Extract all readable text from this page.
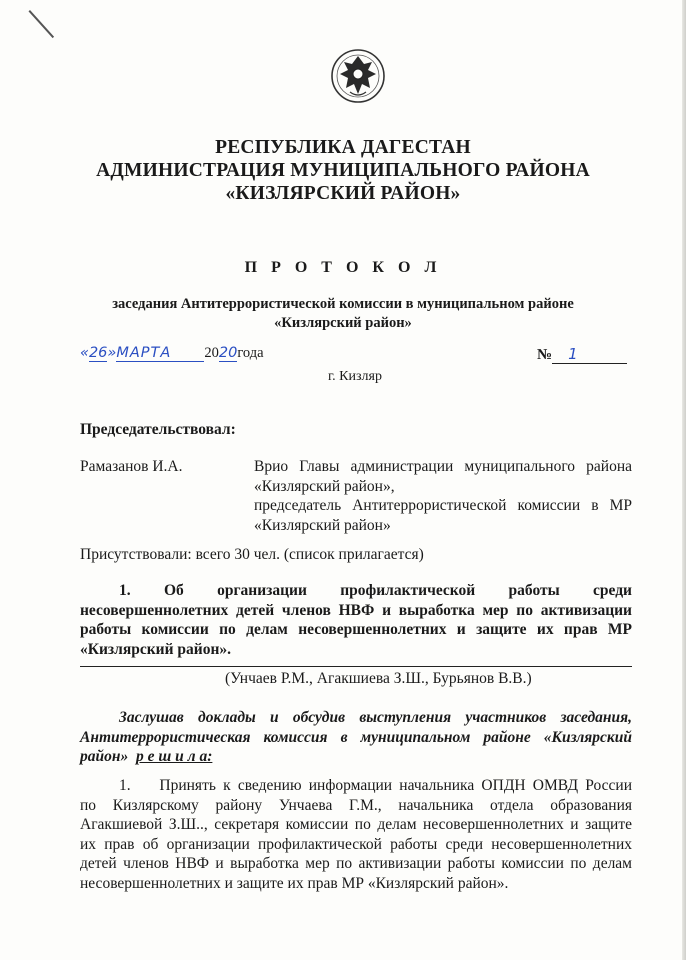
РЕСПУБЛИКА ДАГЕСТАН
АДМИНИСТРАЦИЯ МУНИЦИПАЛЬНОГО РАЙОНА
«КИЗЛЯРСКИЙ РАЙОН»
П Р О Т О К О Л
заседания Антитеррористической комиссии в муниципальном районе
«Кизлярский район»
«26»МАРТА 2020года	№ 1
г. Кизляр
Председательствовал:
Рамазанов И.А.	Врио Главы администрации муниципального района
«Кизлярский район»,
председатель Антитеррористической комиссии в МР
«Кизлярский район»
Присутствовали: всего 30 чел. (список прилагается)
1.   Об   организации   профилактической   работы   среди
несовершеннолетних детей членов НВФ и выработка мер по активизации
работы комиссии по делам несовершеннолетних и защите их прав МР
«Кизлярский район».
(Унчаев Р.М., Агакшиева З.Ш., Бурьянов В.В.)
Заслушав доклады и обсудив выступления участников заседания,
Антитеррористическая комиссия в муниципальном районе «Кизлярский
район» р е ш и л а:
1.    Принять к сведению информации начальника ОПДН ОМВД России
по Кизлярскому району Унчаева Г.М., начальника отдела образования
Агакшиевой З.Ш.., секретаря комиссии по делам несовершеннолетних и защите
их прав об организации профилактической работы среди несовершеннолетних
детей членов НВФ и выработка мер по активизации работы комиссии по делам
несовершеннолетних и защите их прав МР «Кизлярский район».
